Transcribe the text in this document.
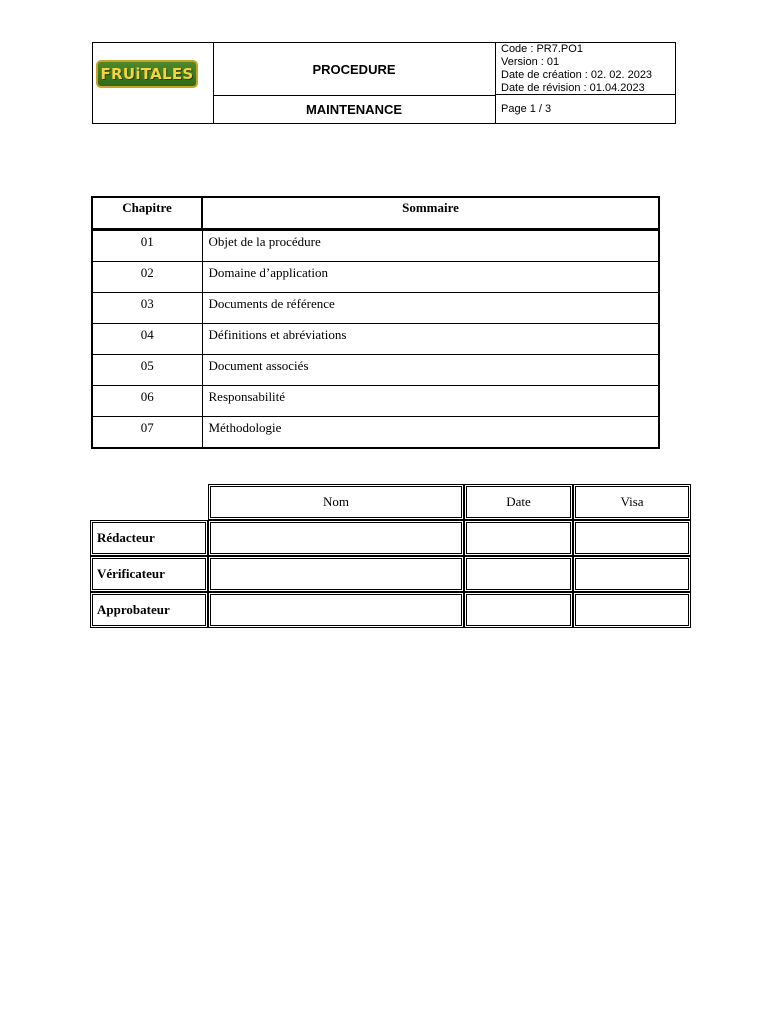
FRUiTALES	PROCEDURE
MAINTENANCE
Code : PR7.PO1
Version : 01
Date de création : 02. 02. 2023
Date de révision : 01.04.2023
Page 1 / 3
Chapitre	Sommaire
01	Objet de la procédure
02	Domaine d’application
03	Documents de référence
04	Définitions et abréviations
05	Document associés
06	Responsabilité
07	Méthodologie
	Nom	Date	Visa
Rédacteur			
Vérificateur			
Approbateur			
